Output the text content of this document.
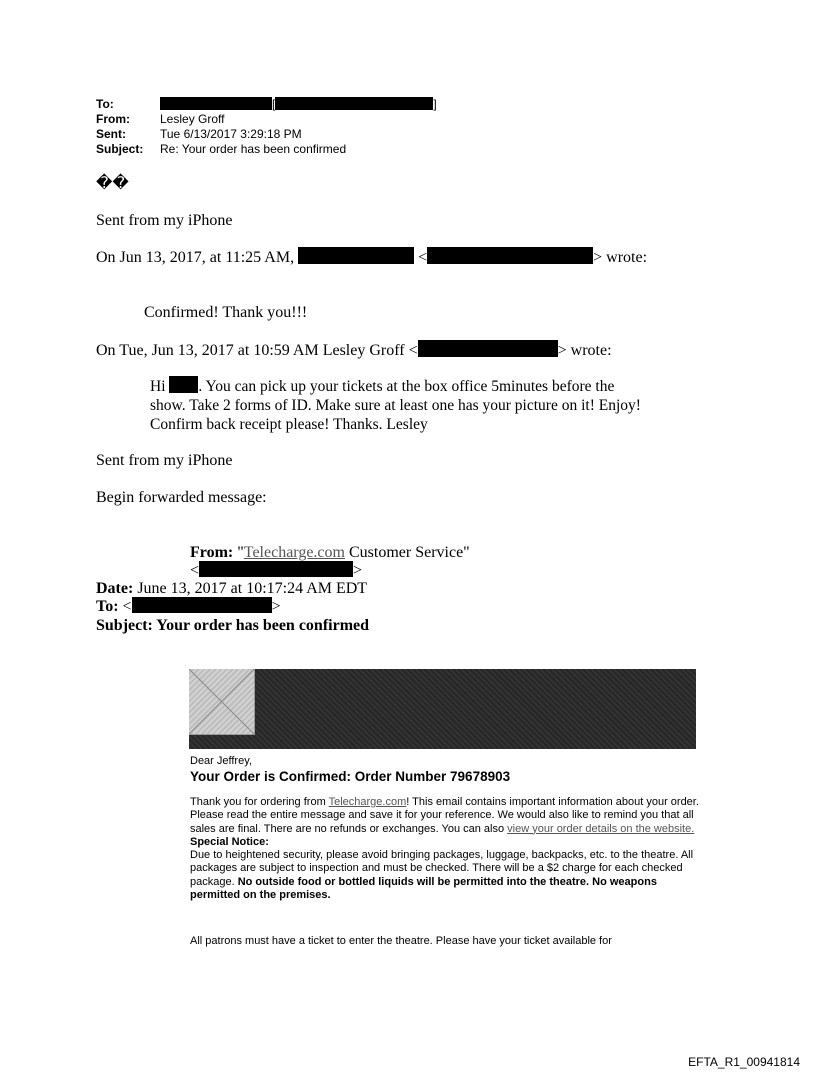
To:	[	]
From:	Lesley Groff
Sent:	Tue 6/13/2017 3:29:18 PM
Subject: Re: Your order has been confirmed
��
Sent from my iPhone
On Jun 13, 2017, at 11:25 AM,	<	> wrote:
Confirmed! Thank you!!!
On Tue, Jun 13, 2017 at 10:59 AM Lesley Groff <	> wrote:
Hi . You can pick up your tickets at the box office 5minutes before the
show. Take 2 forms of ID. Make sure at least one has your picture on it! Enjoy!
Confirm back receipt please! Thanks. Lesley
Sent from my iPhone
Begin forwarded message:
From: "Telecharge.com Customer Service"
<	>
Date: June 13, 2017 at 10:17:24 AM EDT
To: <	>
Subject: Your order has been confirmed
Dear Jeffrey,
Your Order is Confirmed: Order Number 79678903
Thank you for ordering from Telecharge.com! This email contains important information about your order. Please read the entire message and save it for your reference. We would also like to remind you that all sales are final. There are no refunds or exchanges. You can also view your order details on the website.
Special Notice:
Due to heightened security, please avoid bringing packages, luggage, backpacks, etc. to the theatre. All packages are subject to inspection and must be checked. There will be a $2 charge for each checked package. No outside food or bottled liquids will be permitted into the theatre. No weapons permitted on the premises.
All patrons must have a ticket to enter the theatre. Please have your ticket available for
EFTA_R1_00941814
